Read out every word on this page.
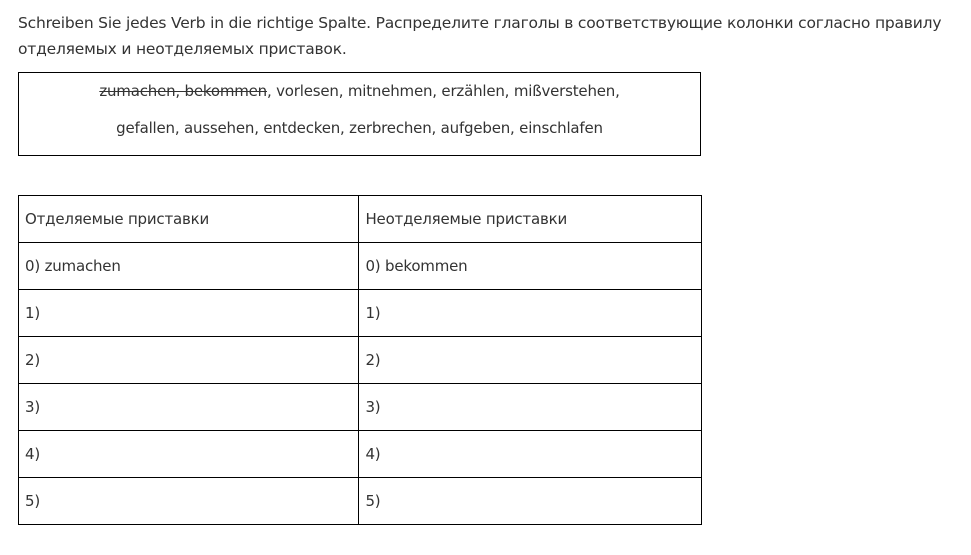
Schreiben Sie jedes Verb in die richtige Spalte. Распределите глаголы в соответствующие колонки согласно правилу отделяемых и неотделяемых приставок.
zumachen, bekommen, vorlesen, mitnehmen, erzählen, mißverstehen,
gefallen, aussehen, entdecken, zerbrechen, aufgeben, einschlafen
Отделяемые приставки	Неотделяемые приставки
0) zumachen	0) bekommen
1)	1)
2)	2)
3)	3)
4)	4)
5)	5)
